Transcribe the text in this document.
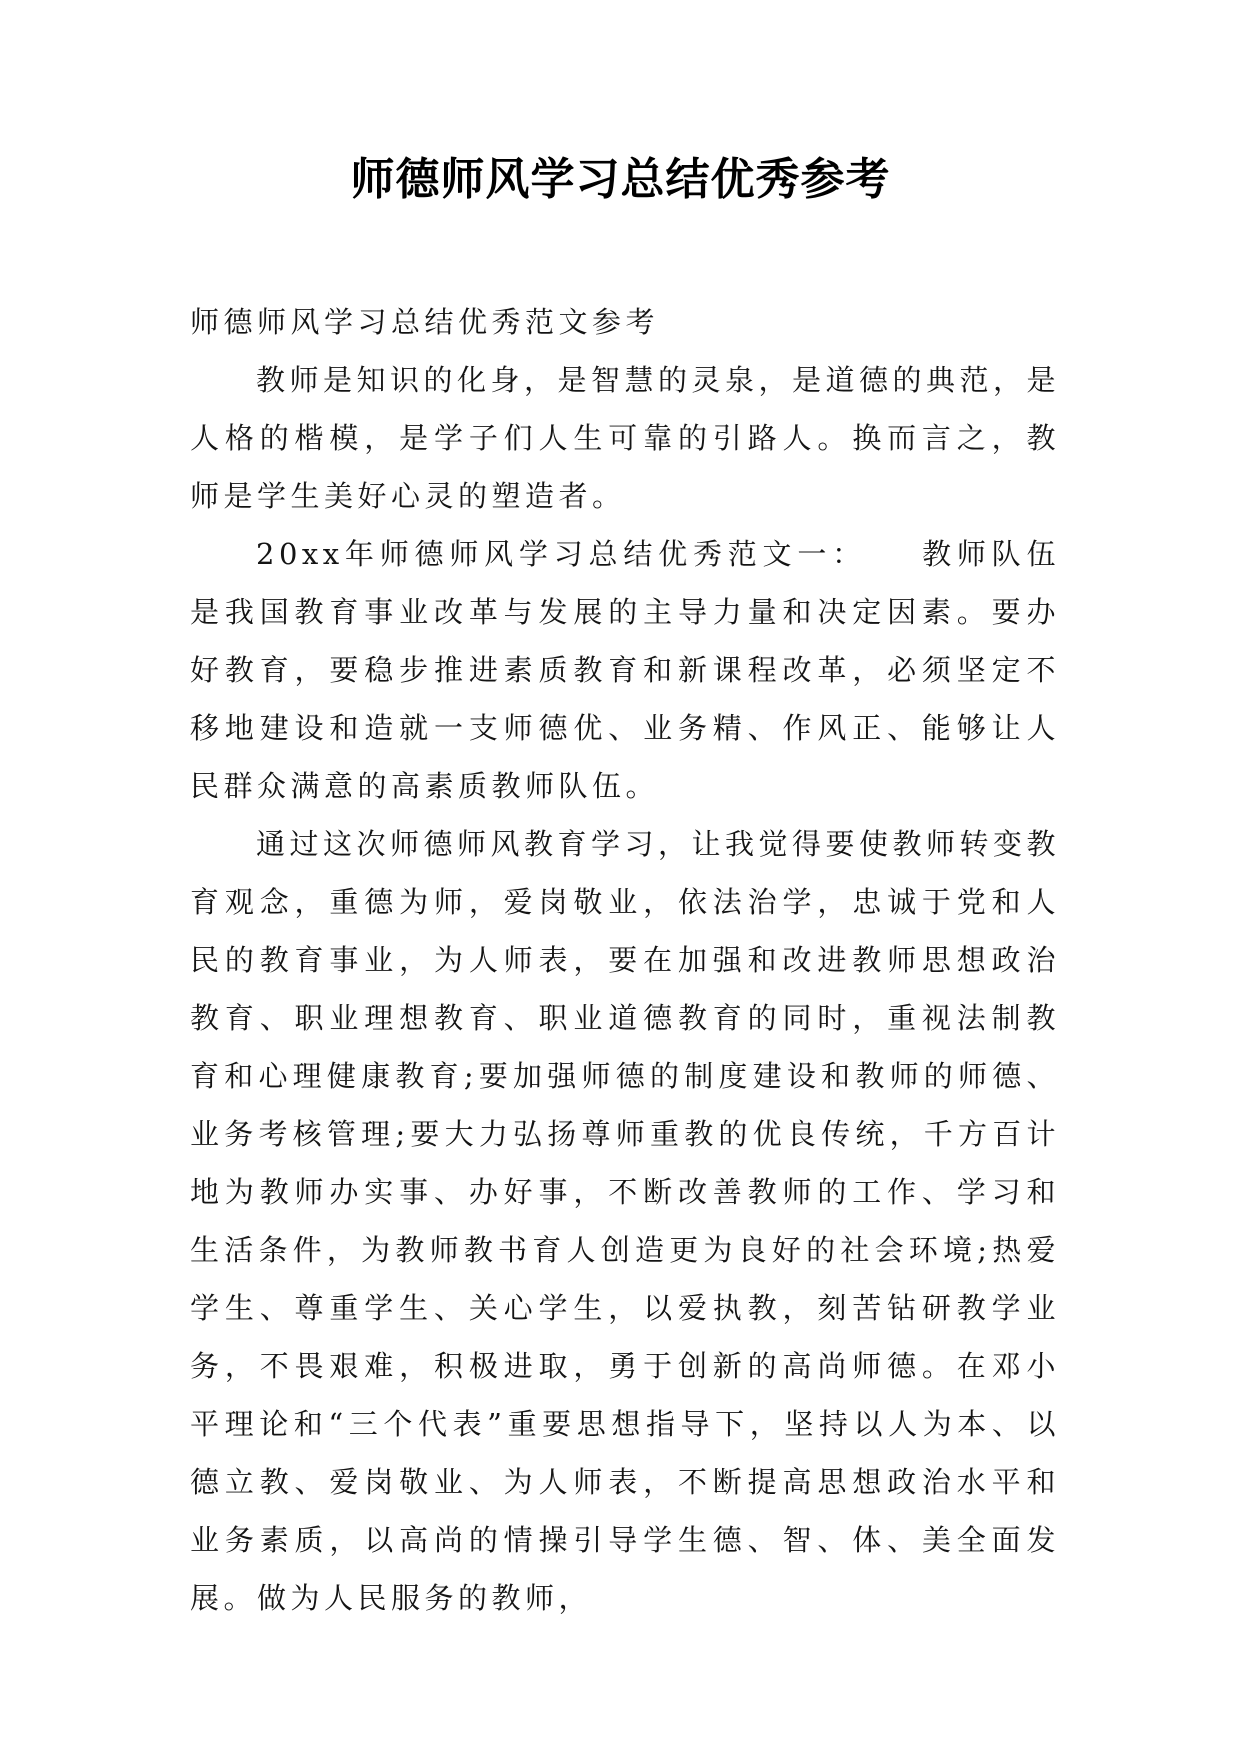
师德师风学习总结优秀参考

师德师风学习总结优秀范文参考

教师是知识的化身，是智慧的灵泉，是道德的典范，是人格的楷模，是学子们人生可靠的引路人。换而言之，教师是学生美好心灵的塑造者。

20xx年师德师风学习总结优秀范文一：　　教师队伍是我国教育事业改革与发展的主导力量和决定因素。要办好教育，要稳步推进素质教育和新课程改革，必须坚定不移地建设和造就一支师德优、业务精、作风正、能够让人民群众满意的高素质教师队伍。

通过这次师德师风教育学习，让我觉得要使教师转变教育观念，重德为师，爱岗敬业，依法治学，忠诚于党和人民的教育事业，为人师表，要在加强和改进教师思想政治教育、职业理想教育、职业道德教育的同时，重视法制教育和心理健康教育;要加强师德的制度建设和教师的师德、业务考核管理;要大力弘扬尊师重教的优良传统，千方百计地为教师办实事、办好事，不断改善教师的工作、学习和生活条件，为教师教书育人创造更为良好的社会环境;热爱学生、尊重学生、关心学生，以爱执教，刻苦钻研教学业务，不畏艰难，积极进取，勇于创新的高尚师德。在邓小平理论和“三个代表”重要思想指导下，坚持以人为本、以德立教、爱岗敬业、为人师表，不断提高思想政治水平和业务素质，以高尚的情操引导学生德、智、体、美全面发展。做为人民服务的教师，
